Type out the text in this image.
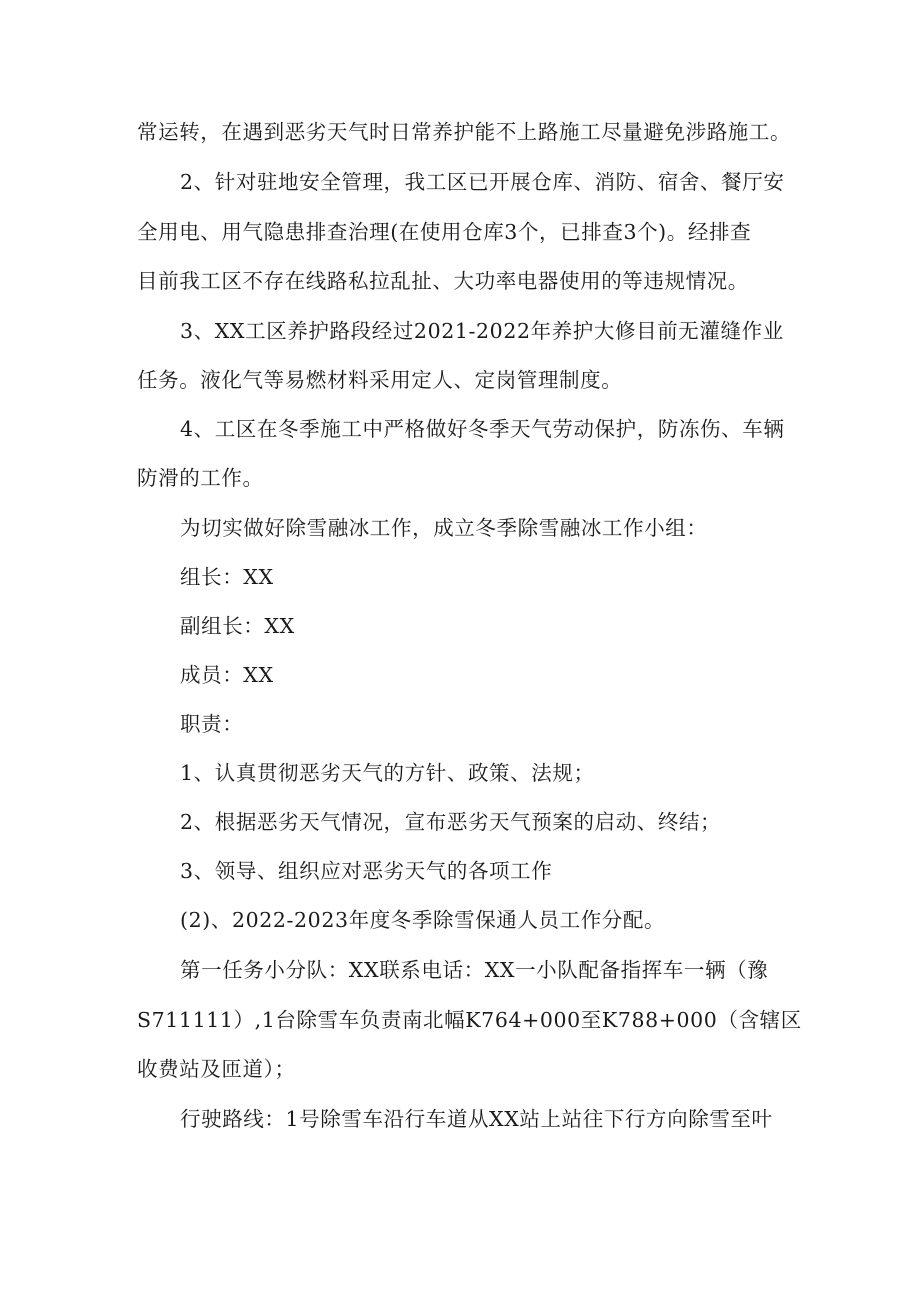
常运转，在遇到恶劣天气时日常养护能不上路施工尽量避免涉路施工。
2、针对驻地安全管理，我工区已开展仓库、消防、宿舍、餐厅安
全用电、用气隐患排查治理(在使用仓库3个，已排查3个)。经排查
目前我工区不存在线路私拉乱扯、大功率电器使用的等违规情况。
3、XX工区养护路段经过2021-2022年养护大修目前无灌缝作业
任务。液化气等易燃材料采用定人、定岗管理制度。
4、工区在冬季施工中严格做好冬季天气劳动保护，防冻伤、车辆
防滑的工作。
为切实做好除雪融冰工作，成立冬季除雪融冰工作小组：
组长：XX
副组长：XX
成员：XX
职责：
1、认真贯彻恶劣天气的方针、政策、法规；
2、根据恶劣天气情况，宣布恶劣天气预案的启动、终结；
3、领导、组织应对恶劣天气的各项工作
(2)、2022-2023年度冬季除雪保通人员工作分配。
第一任务小分队：XX联系电话：XX一小队配备指挥车一辆（豫
S711111）,1台除雪车负责南北幅K764+000至K788+000（含辖区
收费站及匝道）；
行驶路线：1号除雪车沿行车道从XX站上站往下行方向除雪至叶
